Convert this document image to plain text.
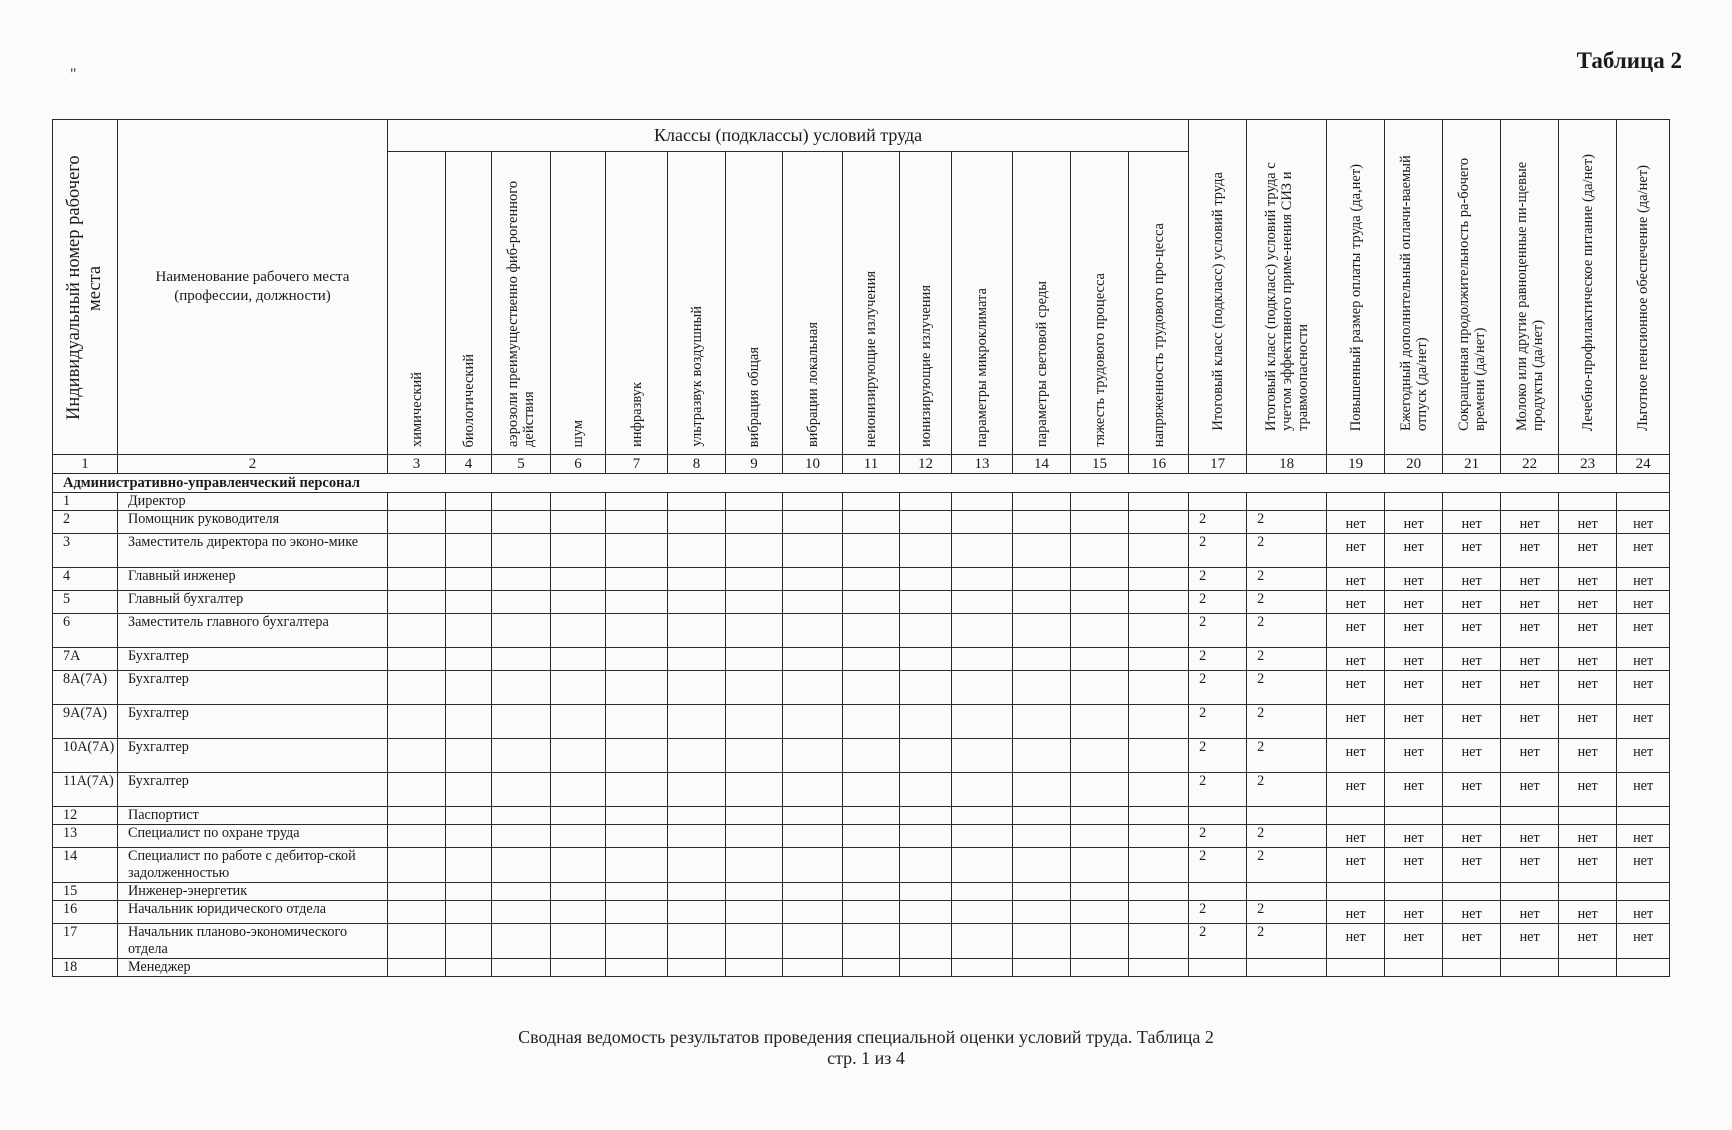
"
Таблица 2
Индивидуальный номер рабочего места	Наименование рабочего места (профессии, должности)	Классы (подклассы) условий труда														Итоговый класс (подкласс) условий труда	Итоговый класс (подкласс) условий труда с учетом эффективного приме-нения СИЗ и травмоопасности	Повышенный размер оплаты труда (да,нет)	Ежегодный дополнительный оплачи-ваемый отпуск (да/нет)	Сокращенная продолжительность ра-бочего времени (да/нет)	Молоко или другие равноценные пи-щевые продукты (да/нет)	Лечебно-профилактическое питание (да/нет)	Льготное пенсионное обеспечение (да/нет)

		химический	биологический	аэрозоли преимущественно фиб-рогенного действия	шум	инфразвук	ультразвук воздушный	вибрация общая	вибрации локальная	неионизирующие излучения	ионизирующие излучения	параметры микроклимата	параметры световой среды	тяжесть трудового процесса	напряженность трудового про-цесса								

1	2	3	4	5	6	7	8	9	10	11	12	13	14	15	16	17	18	19	20	21	22	23	24
Административно-управленческий персонал																							
1	Директор																						
2	Помощник руководителя															2	2	нет	нет	нет	нет	нет	нет
3	Заместитель директора по эконо-мике															2	2	нет	нет	нет	нет	нет	нет
4	Главный инженер															2	2	нет	нет	нет	нет	нет	нет
5	Главный бухгалтер															2	2	нет	нет	нет	нет	нет	нет
6	Заместитель главного бухгалтера															2	2	нет	нет	нет	нет	нет	нет
7А	Бухгалтер															2	2	нет	нет	нет	нет	нет	нет
8А(7А)	Бухгалтер															2	2	нет	нет	нет	нет	нет	нет
9А(7А)	Бухгалтер															2	2	нет	нет	нет	нет	нет	нет
10А(7А)	Бухгалтер															2	2	нет	нет	нет	нет	нет	нет
11А(7А)	Бухгалтер															2	2	нет	нет	нет	нет	нет	нет
12	Паспортист																						
13	Специалист по охране труда															2	2	нет	нет	нет	нет	нет	нет
14	Специалист по работе с дебитор-ской задолженностью															2	2	нет	нет	нет	нет	нет	нет
15	Инженер-энергетик																						
16	Начальник юридического отдела															2	2	нет	нет	нет	нет	нет	нет
17	Начальник планово-экономического отдела															2	2	нет	нет	нет	нет	нет	нет
18	Менеджер																						
Сводная ведомость результатов проведения специальной оценки условий труда. Таблица 2
стр. 1 из 4
